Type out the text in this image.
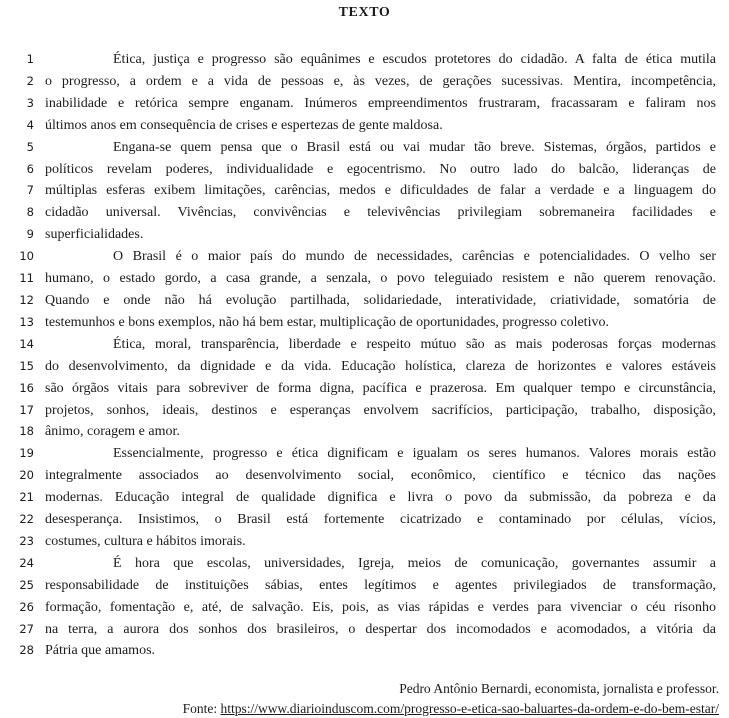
TEXTO
1	Ética, justiça e progresso são equânimes e escudos protetores do cidadão. A falta de ética mutila
2 o progresso, a ordem e a vida de pessoas e, às vezes, de gerações sucessivas. Mentira, incompetência,
3 inabilidade e retórica sempre enganam. Inúmeros empreendimentos frustraram, fracassaram e faliram nos
4 últimos anos em consequência de crises e espertezas de gente maldosa.
5	Engana-se quem pensa que o Brasil está ou vai mudar tão breve. Sistemas, órgãos, partidos e
6 políticos revelam poderes, individualidade e egocentrismo. No outro lado do balcão, lideranças de
7 múltiplas esferas exibem limitações, carências, medos e dificuldades de falar a verdade e a linguagem do
8 cidadão universal. Vivências, convivências e televivências privilegiam sobremaneira facilidades e
9 superficialidades.
10	O Brasil é o maior país do mundo de necessidades, carências e potencialidades. O velho ser
11 humano, o estado gordo, a casa grande, a senzala, o povo teleguiado resistem e não querem renovação.
12 Quando e onde não há evolução partilhada, solidariedade, interatividade, criatividade, somatória de
13 testemunhos e bons exemplos, não há bem estar, multiplicação de oportunidades, progresso coletivo.
14	Ética, moral, transparência, liberdade e respeito mútuo são as mais poderosas forças modernas
15 do desenvolvimento, da dignidade e da vida. Educação holística, clareza de horizontes e valores estáveis
16 são órgãos vitais para sobreviver de forma digna, pacífica e prazerosa. Em qualquer tempo e circunstância,
17 projetos, sonhos, ideais, destinos e esperanças envolvem sacrifícios, participação, trabalho, disposição,
18 ânimo, coragem e amor.
19	Essencialmente, progresso e ética dignificam e igualam os seres humanos. Valores morais estão
20 integralmente associados ao desenvolvimento social, econômico, científico e técnico das nações
21 modernas. Educação integral de qualidade dignifica e livra o povo da submissão, da pobreza e da
22 desesperança. Insistimos, o Brasil está fortemente cicatrizado e contaminado por células, vícios,
23 costumes, cultura e hábitos imorais.
24	É hora que escolas, universidades, Igreja, meios de comunicação, governantes assumir a
25 responsabilidade de instituições sábias, entes legítimos e agentes privilegiados de transformação,
26 formação, fomentação e, até, de salvação. Eis, pois, as vias rápidas e verdes para vivenciar o céu risonho
27 na terra, a aurora dos sonhos dos brasileiros, o despertar dos incomodados e acomodados, a vitória da
28 Pátria que amamos.
Pedro Antônio Bernardi, economista, jornalista e professor.
Fonte: https://www.diarioinduscom.com/progresso-e-etica-sao-baluartes-da-ordem-e-do-bem-estar/
